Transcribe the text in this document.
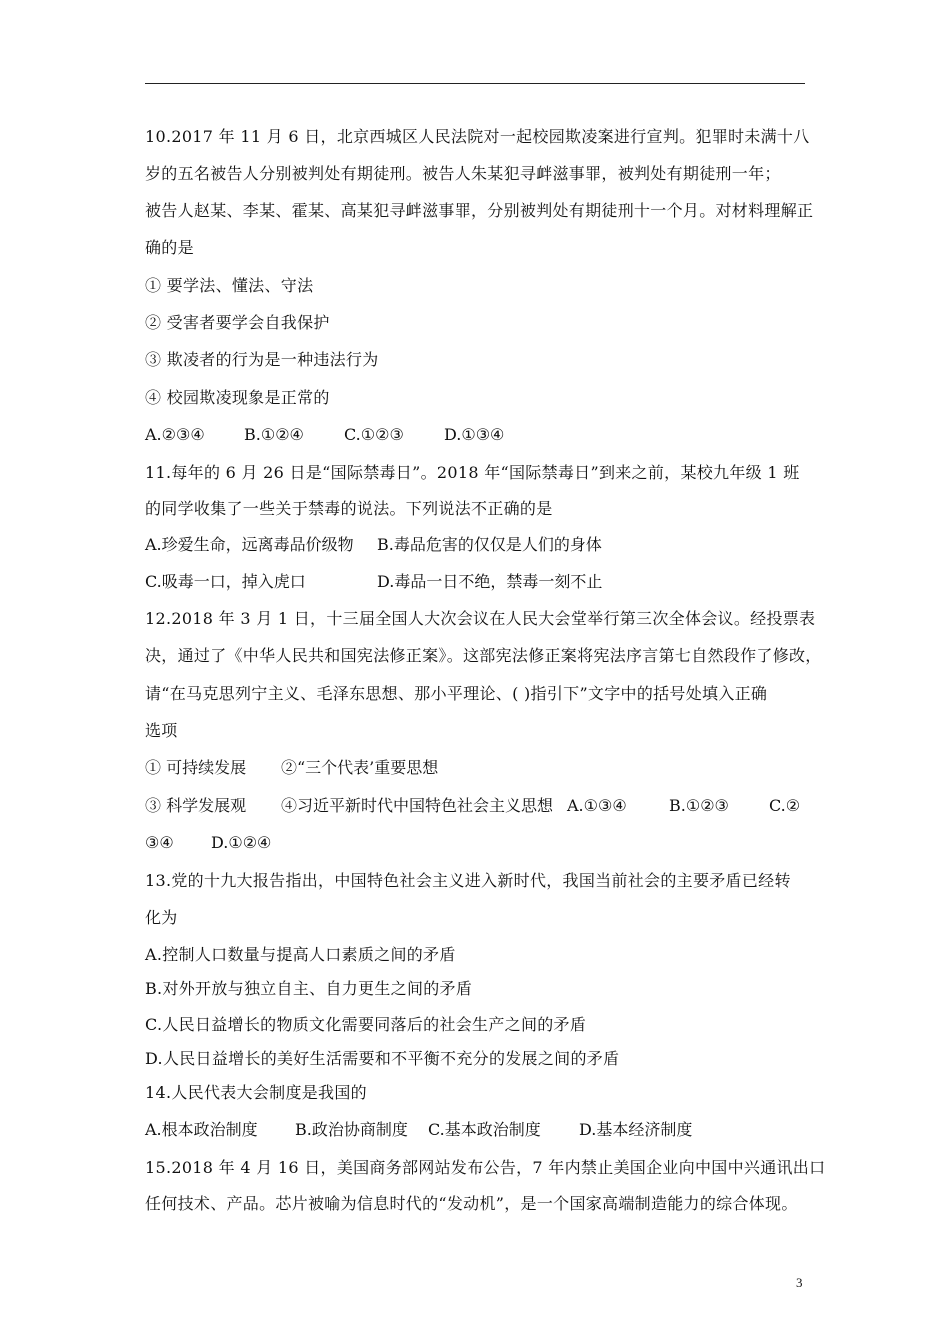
10.2017 年 11 月 6 日，北京西城区人民法院对一起校园欺凌案进行宣判。犯罪时未满十八
岁的五名被告人分别被判处有期徒刑。被告人朱某犯寻衅滋事罪，被判处有期徒刑一年；
被告人赵某、李某、霍某、高某犯寻衅滋事罪，分别被判处有期徒刑十一个月。对材料理解正
确的是
① 要学法、懂法、守法
② 受害者要学会自我保护
③ 欺凌者的行为是一种违法行为
④ 校园欺凌现象是正常的
A.②③④ B.①②④	C.①②③	D.①③④
11.每年的 6 月 26 日是“国际禁毒日”。2018 年“国际禁毒日”到来之前，某校九年级 1 班
的同学收集了一些关于禁毒的说法。下列说法不正确的是
A.珍爱生命，远离毒品价级物 B.毒品危害的仅仅是人们的身体
C.吸毒一口，掉入虎口	D.毒品一日不绝，禁毒一刻不止
12.2018 年 3 月 1 日，十三届全国人大次会议在人民大会堂举行第三次全体会议。经投票表
决，通过了《中华人民共和国宪法修正案》。这部宪法修正案将宪法序言第七自然段作了修改，
请“在马克思列宁主义、毛泽东思想、那小平理论、( )指引下”文字中的括号处填入正确
选项
① 可持续发展 ②“三个代表’重要思想
③ 科学发展观 ④习近平新时代中国特色社会主义思想 A.①③④	B.①②③	C.②
③④ D.①②④
13.党的十九大报告指出，中国特色社会主义进入新时代，我国当前社会的主要矛盾已经转
化为
A.控制人口数量与提高人口素质之间的矛盾
B.对外开放与独立自主、自力更生之间的矛盾
C.人民日益增长的物质文化需要同落后的社会生产之间的矛盾
D.人民日益增长的美好生活需要和不平衡不充分的发展之间的矛盾
14.人民代表大会制度是我国的
A.根本政治制度 B.政治协商制度 C.基本政治制度 D.基本经济制度
15.2018 年 4 月 16 日，美国商务部网站发布公告，7 年内禁止美国企业向中国中兴通讯出口
任何技术、产品。芯片被喻为信息时代的“发动机”，是一个国家高端制造能力的综合体现。
3
